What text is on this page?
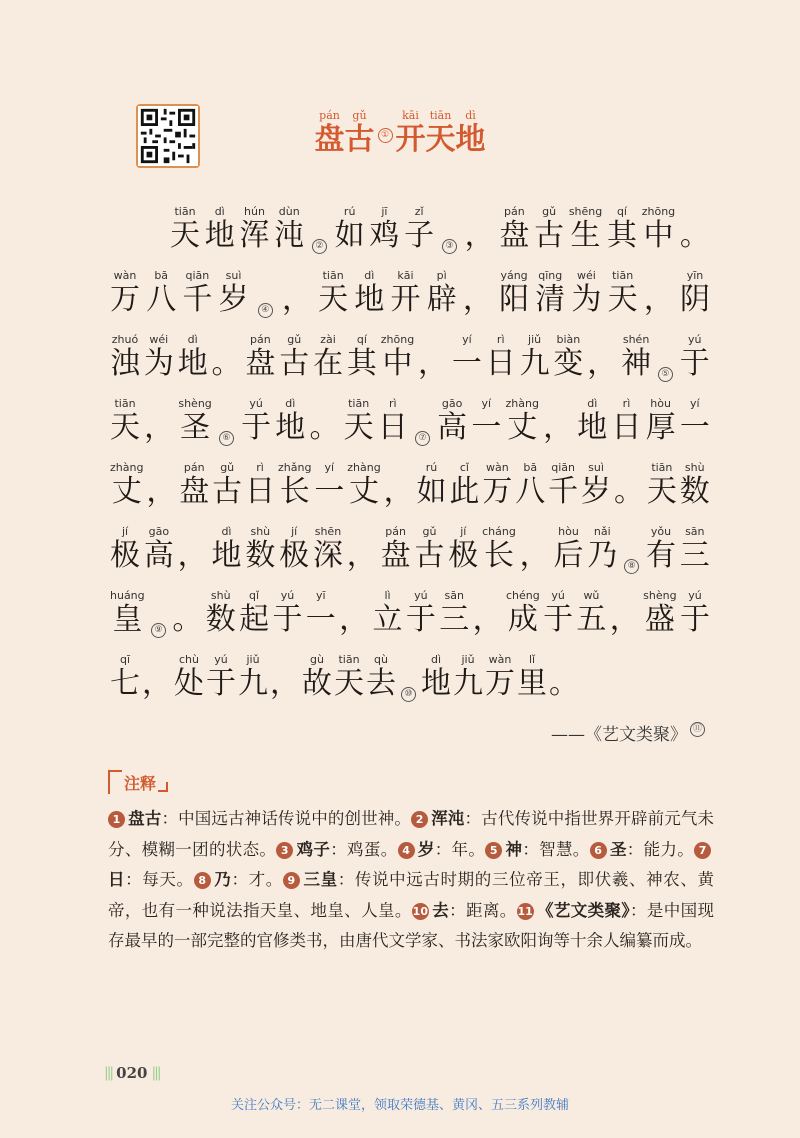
盘pán古gǔ① 开kāi天tiān地dì
天tiān
地dì
浑hún
沌dùn
② 如rú
鸡jī
子zǐ
③ ， 盘pán
古gǔ
生shēng
其qí
中zhōng
。
万wàn
八bā
千qiān
岁suì
④ ， 天tiān
地dì
开kāi
辟pì
， 阳yáng
清qīng
为wéi
天tiān
， 阴yīn
浊zhuó
为wéi
地dì
。 盘pán
古gǔ
在zài
其qí
中zhōng
， 一yí
日rì
九jiǔ
变biàn
， 神shén
⑤ 于yú
天tiān
， 圣shèng
⑥ 于yú
地dì
。 天tiān
日rì
⑦ 高gāo
一yí
丈zhàng
， 地dì
日rì
厚hòu
一yí
丈zhàng
， 盘pán
古gǔ
日rì
长zhǎng
一yí
丈zhàng
， 如rú
此cǐ
万wàn
八bā
千qiān
岁suì
。 天tiān
数shù
极jí
高gāo
， 地dì
数shù
极jí
深shēn
， 盘pán
古gǔ
极jí
长cháng
， 后hòu
乃nǎi
⑧ 有yǒu
三sān
皇huáng
⑨ 。 数shù
起qǐ
于yú
一yī
， 立lì
于yú
三sān
， 成chéng
于yú
五wǔ
， 盛shèng
于yú
七qī
， 处chù
于yú
九jiǔ
， 故gù
天tiān
去qù
⑩ 地dì
九jiǔ
万wàn
里lǐ
。
——《艺文类聚》 ⑪
注释
1 盘古：中国远古神话传说中的创世神。 2 浑沌：古代传说中指世界开辟前元气未分、模糊一团的状态。 3 鸡子：鸡蛋。 4 岁：年。 5 神：智慧。 6 圣：能力。 7日：每天。 8 乃：才。 9 三皇：传说中远古时期的三位帝王，即伏羲、神农、黄帝，也有一种说法指天皇、地皇、人皇。10 去：距离。11 《艺文类聚》：是中国现存最早的一部完整的官修类书，由唐代文学家、书法家欧阳询等十余人编纂而成。
||| 020 |||
关注公众号：无二课堂，领取荣德基、黄冈、五三系列教辅
